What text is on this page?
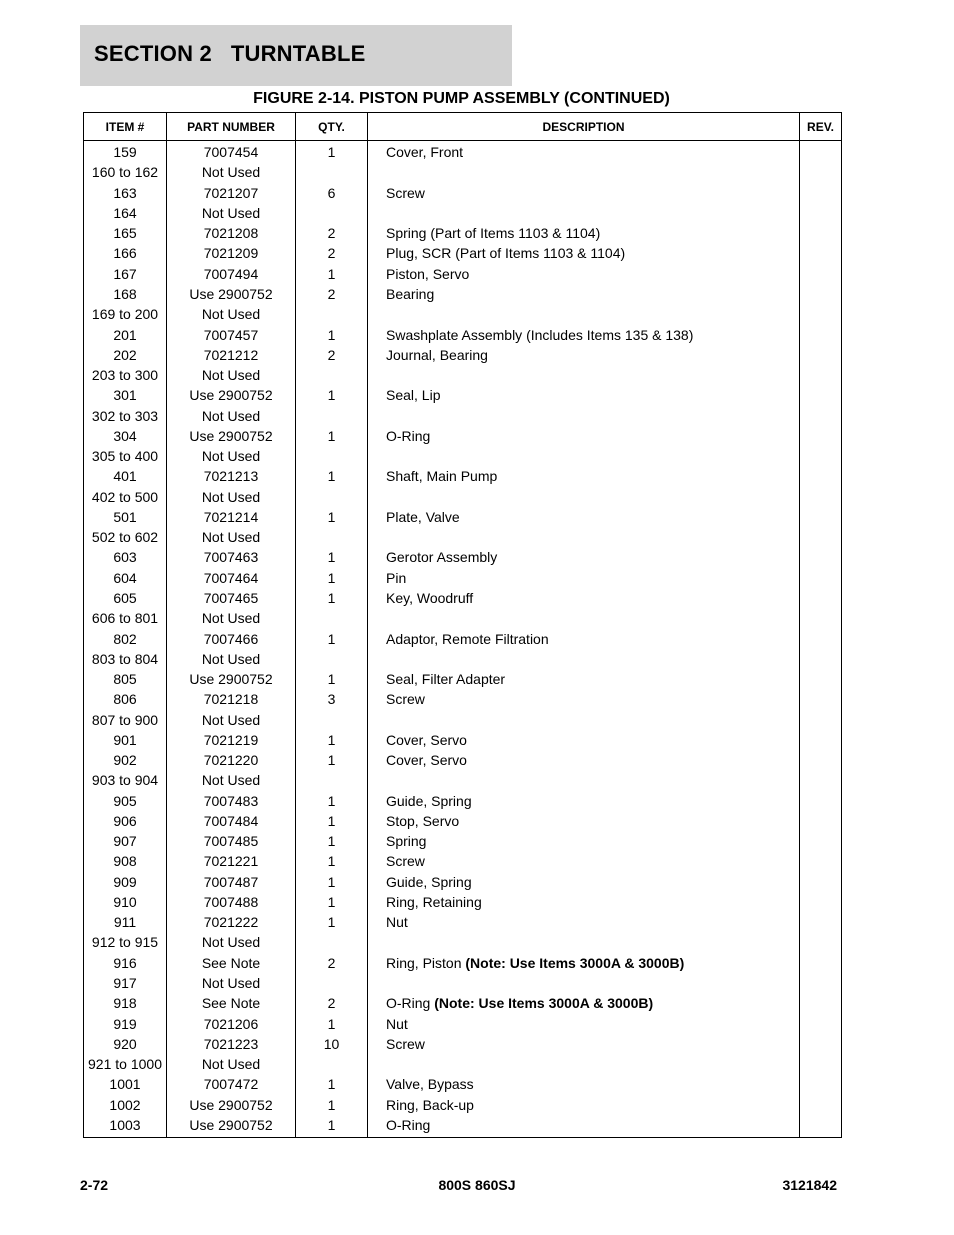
SECTION 2   TURNTABLE
FIGURE 2-14. PISTON PUMP ASSEMBLY (CONTINUED)
ITEM #	PART NUMBER	QTY.	DESCRIPTION	REV.
159	7007454	1	Cover, Front	
160 to 162	Not Used			
163	7021207	6	Screw	
164	Not Used			
165	7021208	2	Spring (Part of Items 1103 & 1104)	
166	7021209	2	Plug, SCR (Part of Items 1103 & 1104)	
167	7007494	1	Piston, Servo	
168	Use 2900752	2	Bearing	
169 to 200	Not Used			
201	7007457	1	Swashplate Assembly (Includes Items 135 & 138)	
202	7021212	2	Journal, Bearing	
203 to 300	Not Used			
301	Use 2900752	1	Seal, Lip	
302 to 303	Not Used			
304	Use 2900752	1	O-Ring	
305 to 400	Not Used			
401	7021213	1	Shaft, Main Pump	
402 to 500	Not Used			
501	7021214	1	Plate, Valve	
502 to 602	Not Used			
603	7007463	1	Gerotor Assembly	
604	7007464	1	Pin	
605	7007465	1	Key, Woodruff	
606 to 801	Not Used			
802	7007466	1	Adaptor, Remote Filtration	
803 to 804	Not Used			
805	Use 2900752	1	Seal, Filter Adapter	
806	7021218	3	Screw	
807 to 900	Not Used			
901	7021219	1	Cover, Servo	
902	7021220	1	Cover, Servo	
903 to 904	Not Used			
905	7007483	1	Guide, Spring	
906	7007484	1	Stop, Servo	
907	7007485	1	Spring	
908	7021221	1	Screw	
909	7007487	1	Guide, Spring	
910	7007488	1	Ring, Retaining	
911	7021222	1	Nut	
912 to 915	Not Used			
916	See Note	2	Ring, Piston (Note: Use Items 3000A & 3000B)	
917	Not Used			
918	See Note	2	O-Ring (Note: Use Items 3000A & 3000B)	
919	7021206	1	Nut	
920	7021223	10	Screw	
921 to 1000	Not Used			
1001	7007472	1	Valve, Bypass	
1002	Use 2900752	1	Ring, Back-up	
1003	Use 2900752	1	O-Ring	
2-72	800S 860SJ	3121842
